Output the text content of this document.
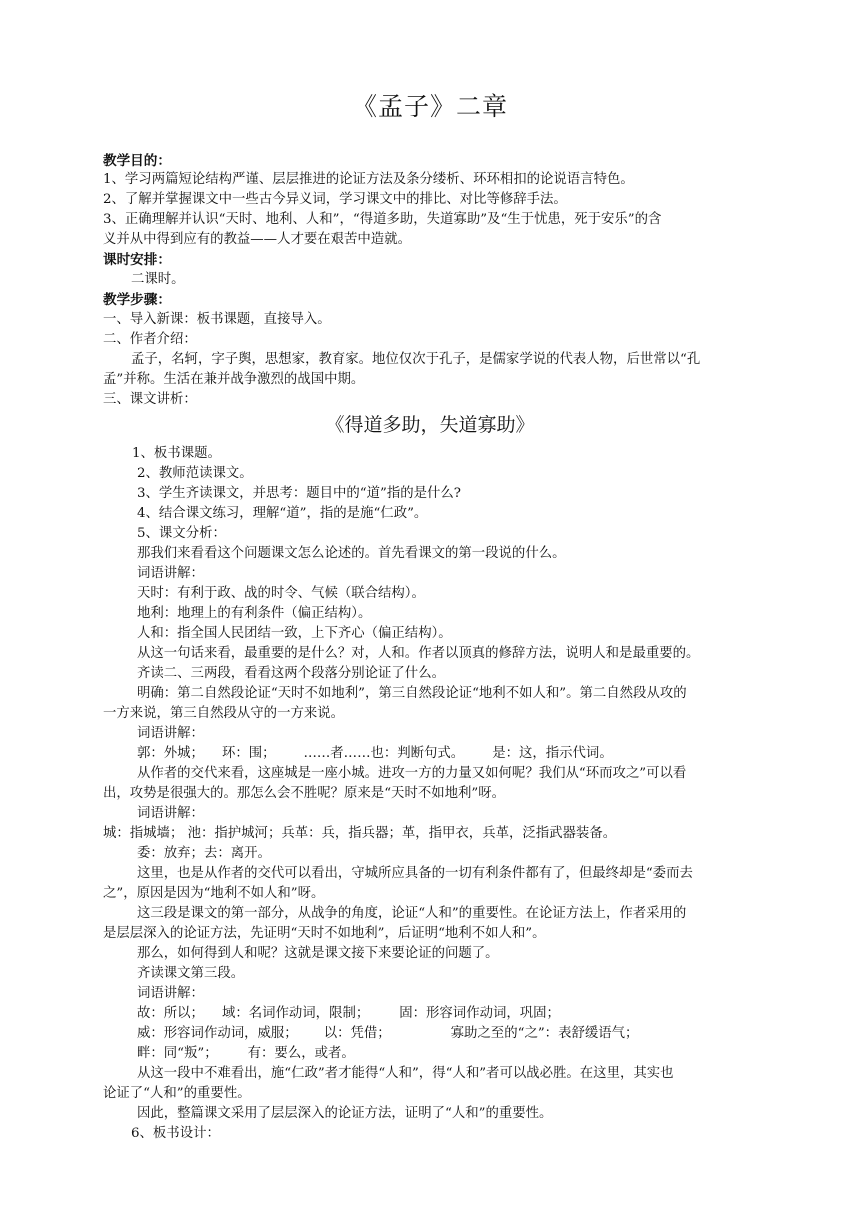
《孟子》二章
教学目的：
1、学习两篇短论结构严谨、层层推进的论证方法及条分缕析、环环相扣的论说语言特色。
2、了解并掌握课文中一些古今异义词，学习课文中的排比、对比等修辞手法。
3、正确理解并认识“天时、地利、人和”，“得道多助，失道寡助”及“生于忧患，死于安乐”的含
义并从中得到应有的教益——人才要在艰苦中造就。
课时安排：
二课时。
教学步骤：
一、导入新课：板书课题，直接导入。
二、作者介绍：
孟子，名轲，字子舆，思想家，教育家。地位仅次于孔子，是儒家学说的代表人物，后世常以“孔
孟”并称。生活在兼并战争激烈的战国中期。
三、课文讲析：
《得道多助，失道寡助》
1、板书课题。
2、教师范读课文。
3、学生齐读课文，并思考：题目中的“道”指的是什么?
4、结合课文练习，理解“道”，指的是施“仁政”。
5、课文分析：
那我们来看看这个问题课文怎么论述的。首先看课文的第一段说的什么。
词语讲解：
天时：有利于政、战的时令、气候（联合结构）。
地利：地理上的有利条件（偏正结构）。
人和：指全国人民团结一致，上下齐心（偏正结构）。
从这一句话来看，最重要的是什么？对，人和。作者以顶真的修辞方法，说明人和是最重要的。
齐读二、三两段，看看这两个段落分别论证了什么。
明确：第二自然段论证“天时不如地利”，第三自然段论证“地利不如人和”。第二自然段从攻的
一方来说，第三自然段从守的一方来说。
词语讲解：
郭：外城； 环：围； ……者……也：判断句式。 是：这，指示代词。
从作者的交代来看，这座城是一座小城。进攻一方的力量又如何呢？我们从“环而攻之”可以看
出，攻势是很强大的。那怎么会不胜呢？原来是“天时不如地利”呀。
词语讲解：
城：指城墙； 池：指护城河；兵革：兵，指兵器；革，指甲衣，兵革，泛指武器装备。
委：放弃；去：离开。
这里，也是从作者的交代可以看出，守城所应具备的一切有利条件都有了，但最终却是“委而去
之”，原因是因为“地利不如人和”呀。
这三段是课文的第一部分，从战争的角度，论证“人和”的重要性。在论证方法上，作者采用的
是层层深入的论证方法，先证明“天时不如地利”，后证明“地利不如人和”。
那么，如何得到人和呢？这就是课文接下来要论证的问题了。
齐读课文第三段。
词语讲解：
故：所以； 域：名词作动词，限制； 固：形容词作动词，巩固；
威：形容词作动词，威服； 以：凭借；	寡助之至的“之”：表舒缓语气；
畔：同“叛”； 有：要么，或者。
从这一段中不难看出，施“仁政”者才能得“人和”，得“人和”者可以战必胜。在这里，其实也
论证了“人和”的重要性。
因此，整篇课文采用了层层深入的论证方法，证明了“人和”的重要性。
6、板书设计：
